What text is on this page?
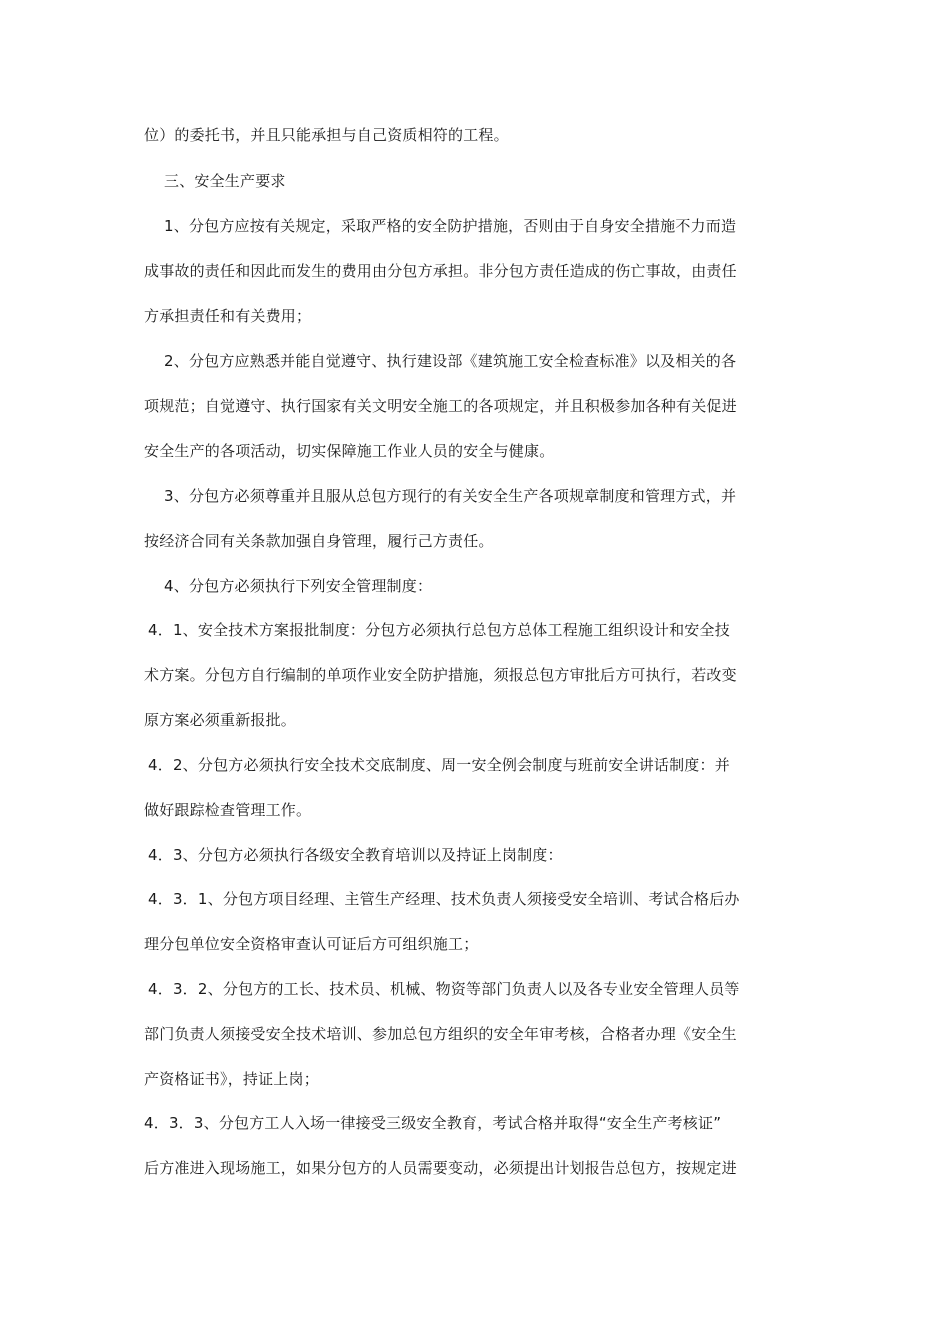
位）的委托书，并且只能承担与自己资质相符的工程。
三、安全生产要求
1、分包方应按有关规定，采取严格的安全防护措施，否则由于自身安全措施不力而造
成事故的责任和因此而发生的费用由分包方承担。非分包方责任造成的伤亡事故，由责任
方承担责任和有关费用；
2、分包方应熟悉并能自觉遵守、执行建设部《建筑施工安全检查标准》以及相关的各
项规范；自觉遵守、执行国家有关文明安全施工的各项规定，并且积极参加各种有关促进
安全生产的各项活动，切实保障施工作业人员的安全与健康。
3、分包方必须尊重并且服从总包方现行的有关安全生产各项规章制度和管理方式，并
按经济合同有关条款加强自身管理，履行己方责任。
4、分包方必须执行下列安全管理制度：
4．1、安全技术方案报批制度：分包方必须执行总包方总体工程施工组织设计和安全技
术方案。分包方自行编制的单项作业安全防护措施，须报总包方审批后方可执行，若改变
原方案必须重新报批。
4．2、分包方必须执行安全技术交底制度、周一安全例会制度与班前安全讲话制度：并
做好跟踪检查管理工作。
4．3、分包方必须执行各级安全教育培训以及持证上岗制度：
4．3．1、分包方项目经理、主管生产经理、技术负责人须接受安全培训、考试合格后办
理分包单位安全资格审查认可证后方可组织施工；
4．3．2、分包方的工长、技术员、机械、物资等部门负责人以及各专业安全管理人员等
部门负责人须接受安全技术培训、参加总包方组织的安全年审考核，合格者办理《安全生
产资格证书》，持证上岗；
4．3．3、分包方工人入场一律接受三级安全教育，考试合格并取得“安全生产考核证”
后方准进入现场施工，如果分包方的人员需要变动，必须提出计划报告总包方，按规定进
